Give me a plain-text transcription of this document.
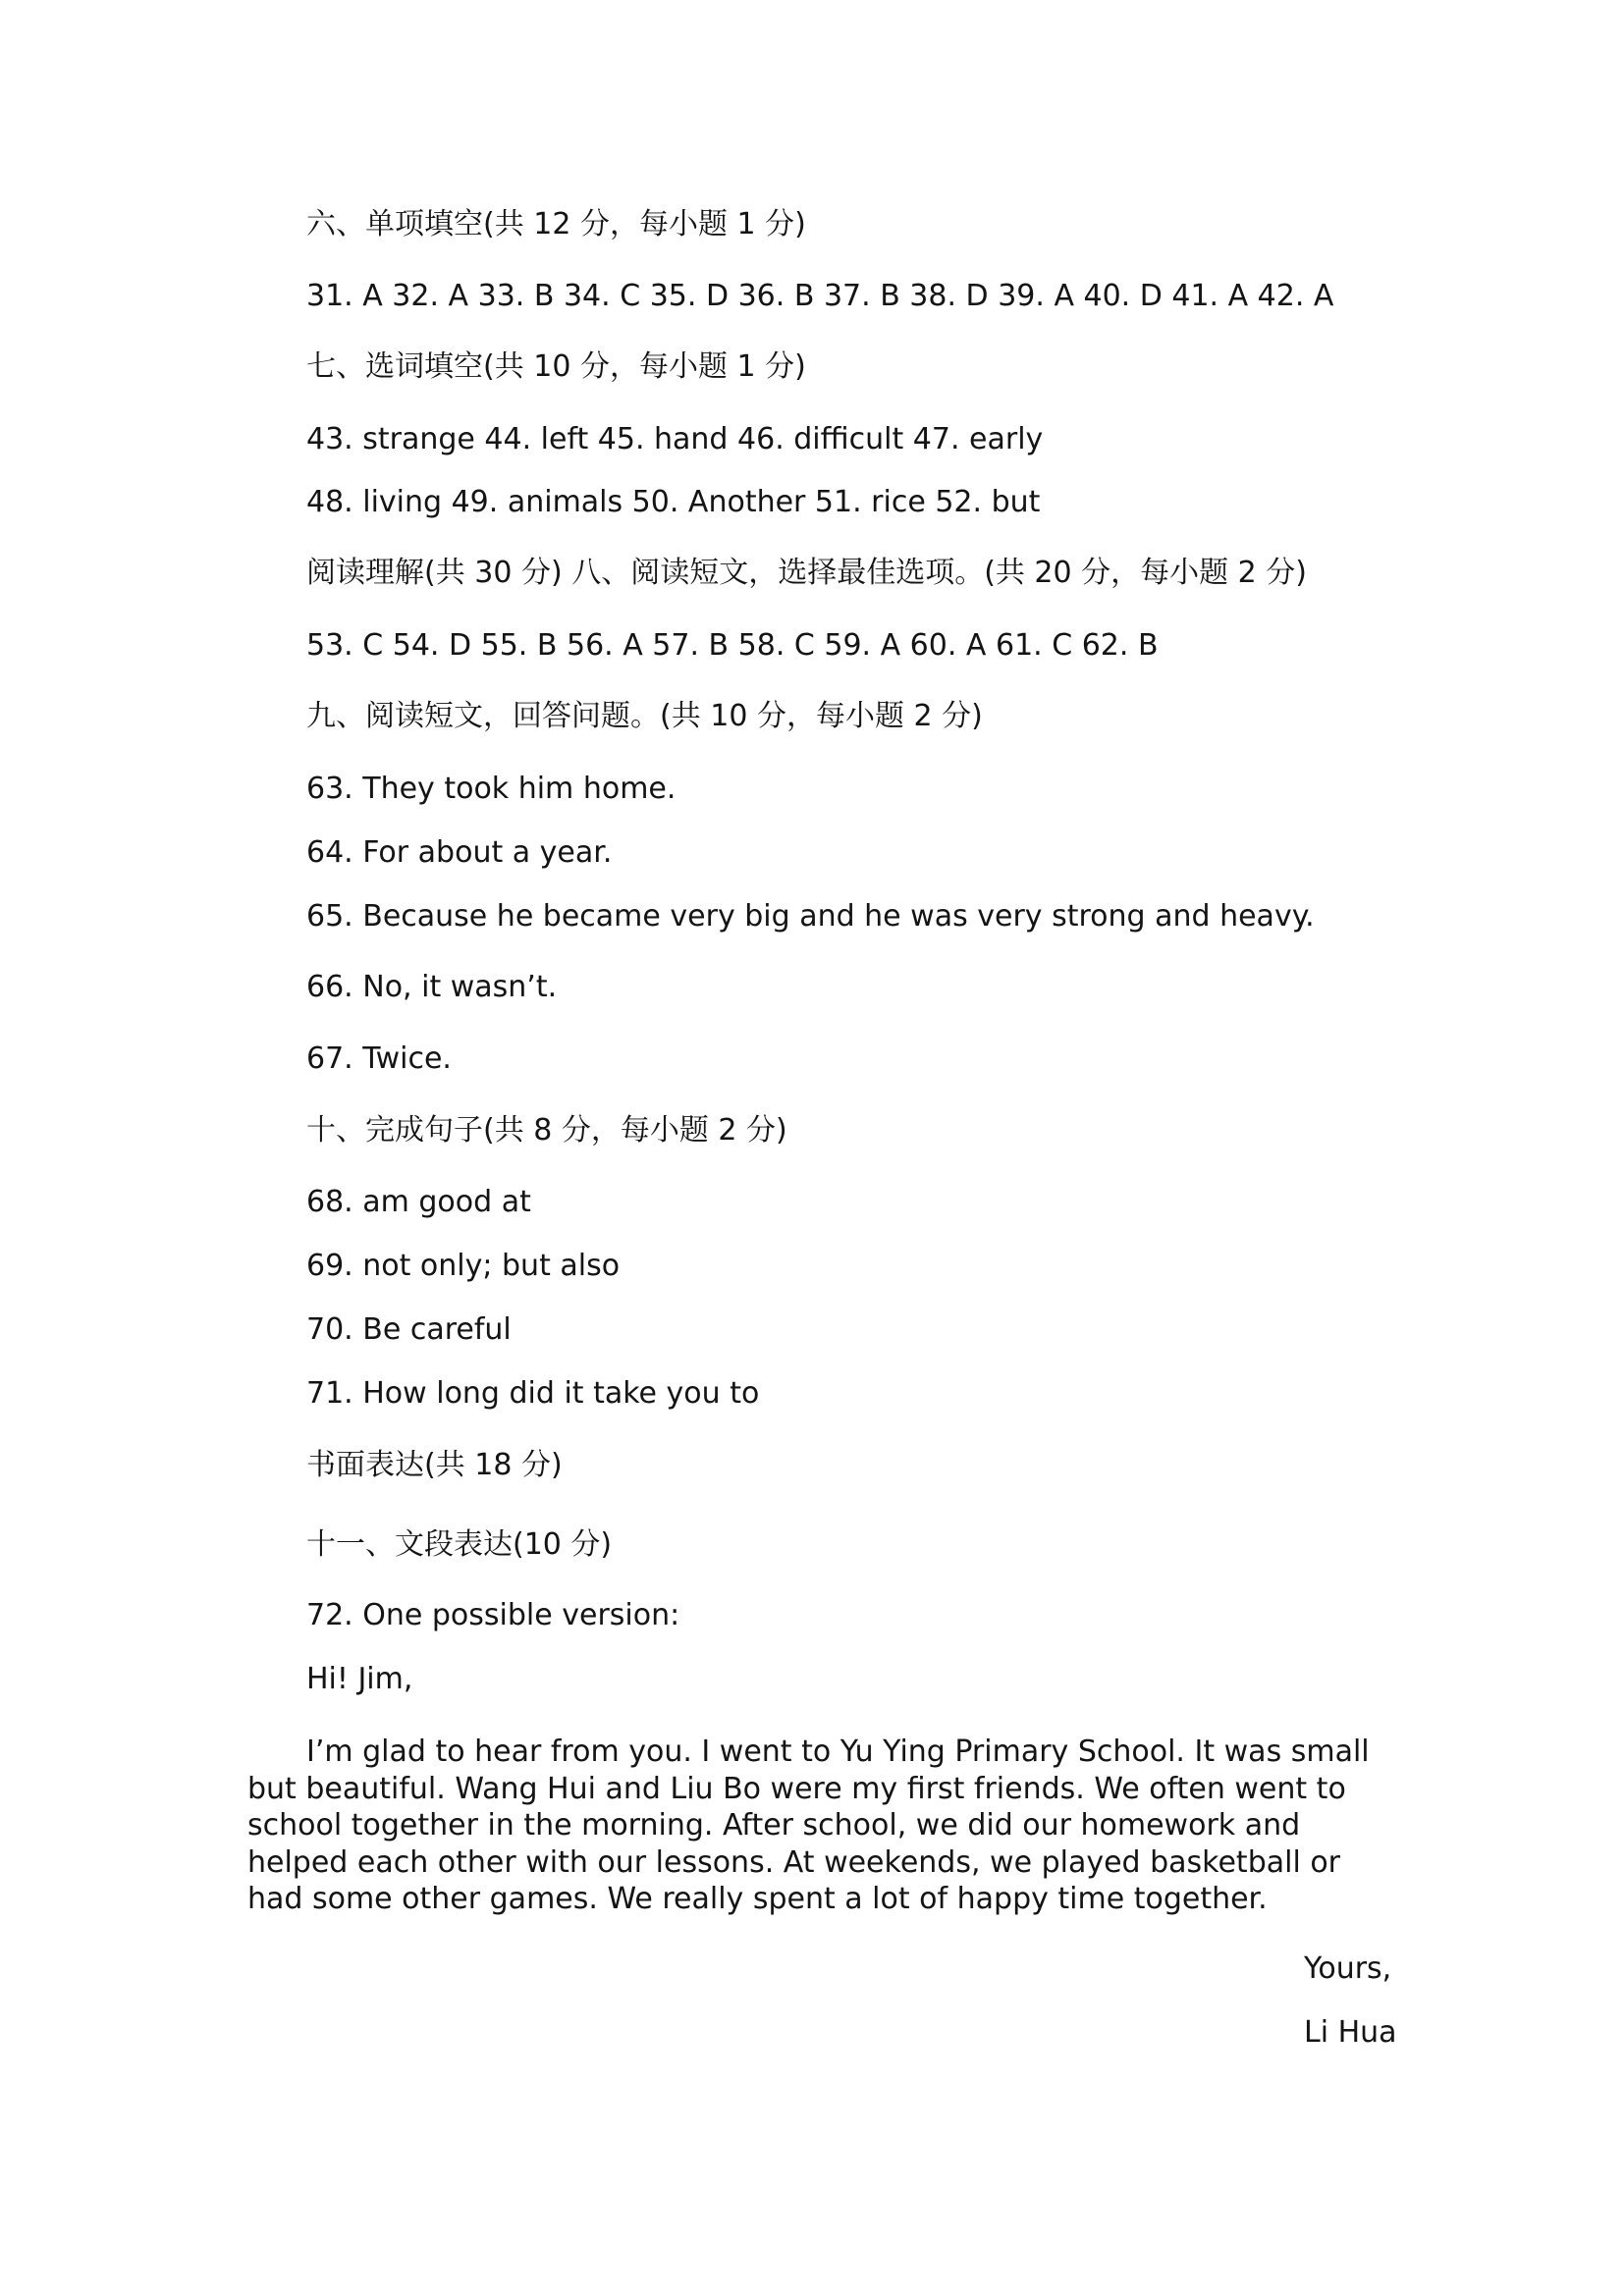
六、单项填空(共 12 分，每小题 1 分)
31. A 32. A 33. B 34. C 35. D 36. B 37. B 38. D 39. A 40. D 41. A 42. A
七、选词填空(共 10 分，每小题 1 分)
43. strange 44. left 45. hand 46. difficult 47. early
48. living 49. animals 50. Another 51. rice 52. but
阅读理解(共 30 分) 八、阅读短文，选择最佳选项。(共 20 分，每小题 2 分)
53. C 54. D 55. B 56. A 57. B 58. C 59. A 60. A 61. C 62. B
九、阅读短文，回答问题。(共 10 分，每小题 2 分)
63. They took him home.
64. For about a year.
65. Because he became very big and he was very strong and heavy.
66. No, it wasn’t.
67. Twice.
十、完成句子(共 8 分，每小题 2 分)
68. am good at
69. not only; but also
70. Be careful
71. How long did it take you to
书面表达(共 18 分)
十一、文段表达(10 分)
72. One possible version:
Hi! Jim,
I’m glad to hear from you. I went to Yu Ying Primary School. It was small but beautiful. Wang Hui and Liu Bo were my first friends. We often went to school together in the morning. After school, we did our homework and helped each other with our lessons. At weekends, we played basketball or had some other games. We really spent a lot of happy time together.
Yours,
Li Hua
